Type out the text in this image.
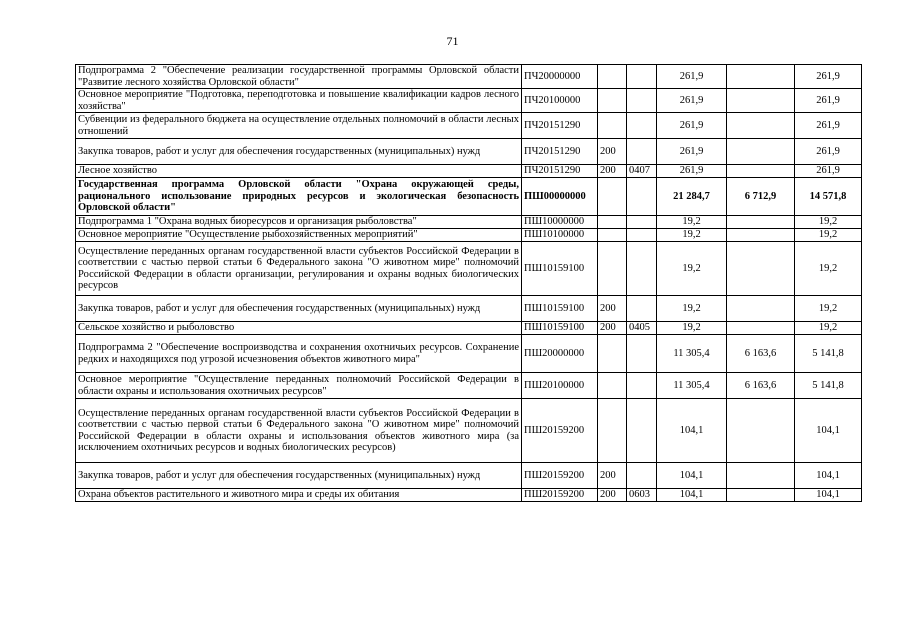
71
Подпрограмма 2 "Обеспечение реализации государственной программы Орловской области "Развитие лесного хозяйства Орловской области"	ПЧ20000000			261,9		261,9
Основное мероприятие "Подготовка, переподготовка и повышение квалификации кадров лесного хозяйства"	ПЧ20100000			261,9		261,9
Субвенции из федерального бюджета на осуществление отдельных полномочий в области лесных отношений	ПЧ20151290			261,9		261,9
Закупка товаров, работ и услуг для обеспечения государственных (муниципальных) нужд	ПЧ20151290	200		261,9		261,9
Лесное хозяйство	ПЧ20151290	200	0407	261,9		261,9
Государственная программа Орловской области "Охрана окружающей среды, рационального использование природных ресурсов и экологическая безопасность Орловской области"	ПШ00000000			21 284,7	6 712,9	14 571,8
Подпрограмма 1 "Охрана водных биоресурсов и организация рыболовства"	ПШ10000000			19,2		19,2
Основное мероприятие "Осуществление рыбохозяйственных мероприятий"	ПШ10100000			19,2		19,2
Осуществление переданных органам государственной власти субъектов Российской Федерации в соответствии с частью первой статьи 6 Федерального закона "О животном мире" полномочий Российской Федерации в области организации, регулирования и охраны водных биологических ресурсов	ПШ10159100			19,2		19,2
Закупка товаров, работ и услуг для обеспечения государственных (муниципальных) нужд	ПШ10159100	200		19,2		19,2
Сельское хозяйство и рыболовство	ПШ10159100	200	0405	19,2		19,2
Подпрограмма 2 "Обеспечение воспроизводства и сохранения охотничьих ресурсов. Сохранение редких и находящихся под угрозой исчезновения объектов животного мира"	ПШ20000000			11 305,4	6 163,6	5 141,8
Основное мероприятие "Осуществление переданных полномочий Российской Федерации в области охраны и использования охотничьих ресурсов"	ПШ20100000			11 305,4	6 163,6	5 141,8
Осуществление переданных органам государственной власти субъектов Российской Федерации в соответствии с частью первой статьи 6 Федерального закона "О животном мире" полномочий Российской Федерации в области охраны и использования объектов животного мира (за исключением охотничьих ресурсов и водных биологических ресурсов)	ПШ20159200			104,1		104,1
Закупка товаров, работ и услуг для обеспечения государственных (муниципальных) нужд	ПШ20159200	200		104,1		104,1
Охрана объектов растительного и животного мира и среды их обитания	ПШ20159200	200	0603	104,1		104,1
